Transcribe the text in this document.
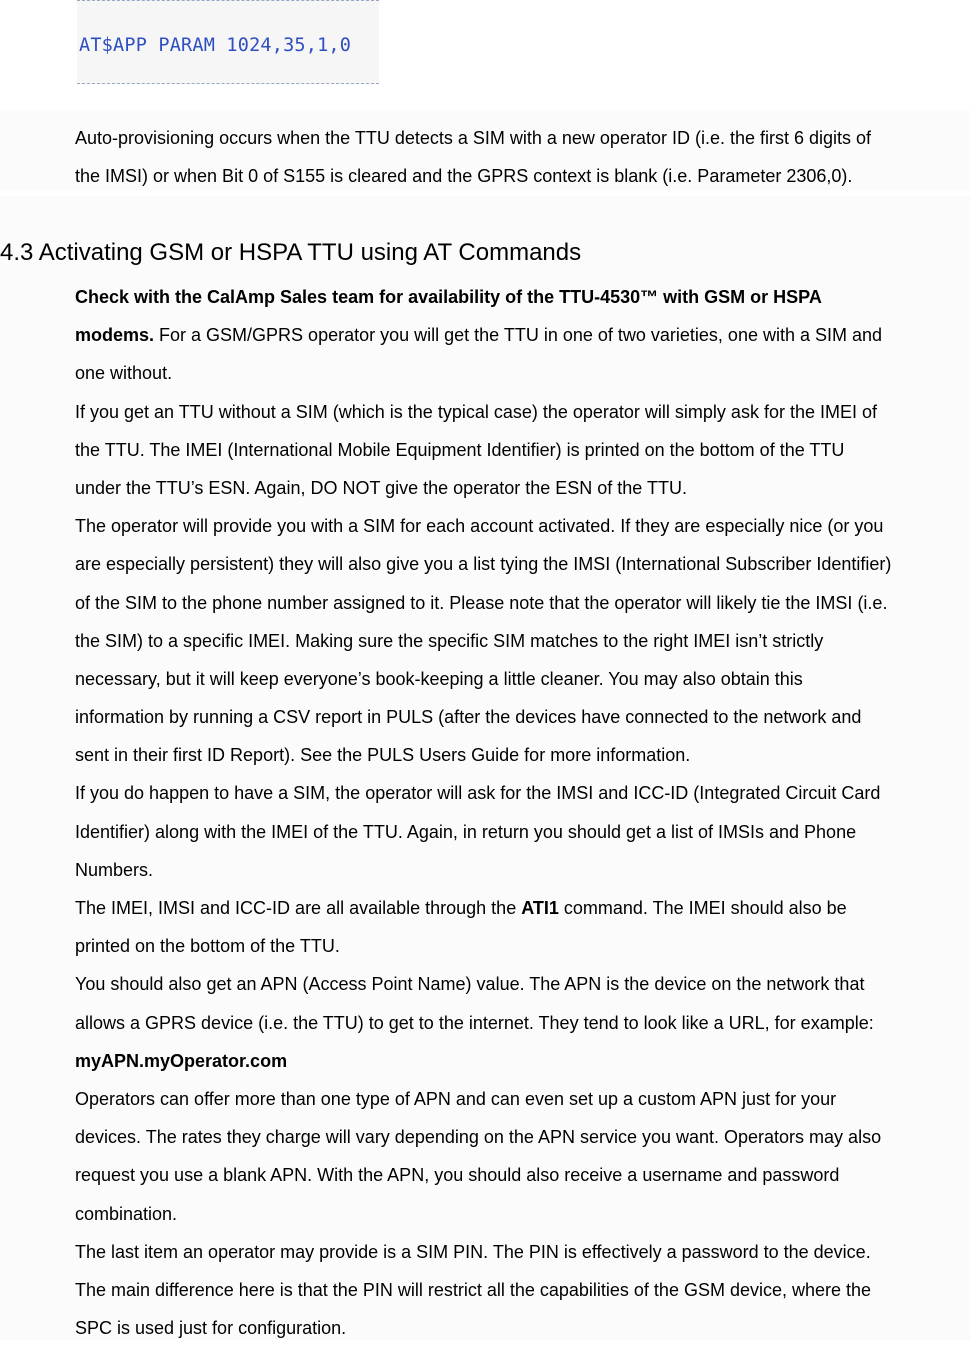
AT$APP PARAM 1024,35,1,0
Auto-provisioning occurs when the TTU detects a SIM with a new operator ID (i.e. the first 6 digits of
the IMSI) or when Bit 0 of S155 is cleared and the GPRS context is blank (i.e. Parameter 2306,0).
4.3 Activating GSM or HSPA TTU using AT Commands
Check with the CalAmp Sales team for availability of the TTU-4530™ with GSM or HSPA
modems. For a GSM/GPRS operator you will get the TTU in one of two varieties, one with a SIM and
one without.
If you get an TTU without a SIM (which is the typical case) the operator will simply ask for the IMEI of
the TTU. The IMEI (International Mobile Equipment Identifier) is printed on the bottom of the TTU
under the TTU’s ESN. Again, DO NOT give the operator the ESN of the TTU.
The operator will provide you with a SIM for each account activated. If they are especially nice (or you
are especially persistent) they will also give you a list tying the IMSI (International Subscriber Identifier)
of the SIM to the phone number assigned to it. Please note that the operator will likely tie the IMSI (i.e.
the SIM) to a specific IMEI. Making sure the specific SIM matches to the right IMEI isn’t strictly
necessary, but it will keep everyone’s book-keeping a little cleaner. You may also obtain this
information by running a CSV report in PULS (after the devices have connected to the network and
sent in their first ID Report). See the PULS Users Guide for more information.
If you do happen to have a SIM, the operator will ask for the IMSI and ICC-ID (Integrated Circuit Card
Identifier) along with the IMEI of the TTU. Again, in return you should get a list of IMSIs and Phone
Numbers.
The IMEI, IMSI and ICC-ID are all available through the ATI1 command. The IMEI should also be
printed on the bottom of the TTU.
You should also get an APN (Access Point Name) value. The APN is the device on the network that
allows a GPRS device (i.e. the TTU) to get to the internet. They tend to look like a URL, for example:
myAPN.myOperator.com
Operators can offer more than one type of APN and can even set up a custom APN just for your
devices. The rates they charge will vary depending on the APN service you want. Operators may also
request you use a blank APN. With the APN, you should also receive a username and password
combination.
The last item an operator may provide is a SIM PIN. The PIN is effectively a password to the device.
The main difference here is that the PIN will restrict all the capabilities of the GSM device, where the
SPC is used just for configuration.
